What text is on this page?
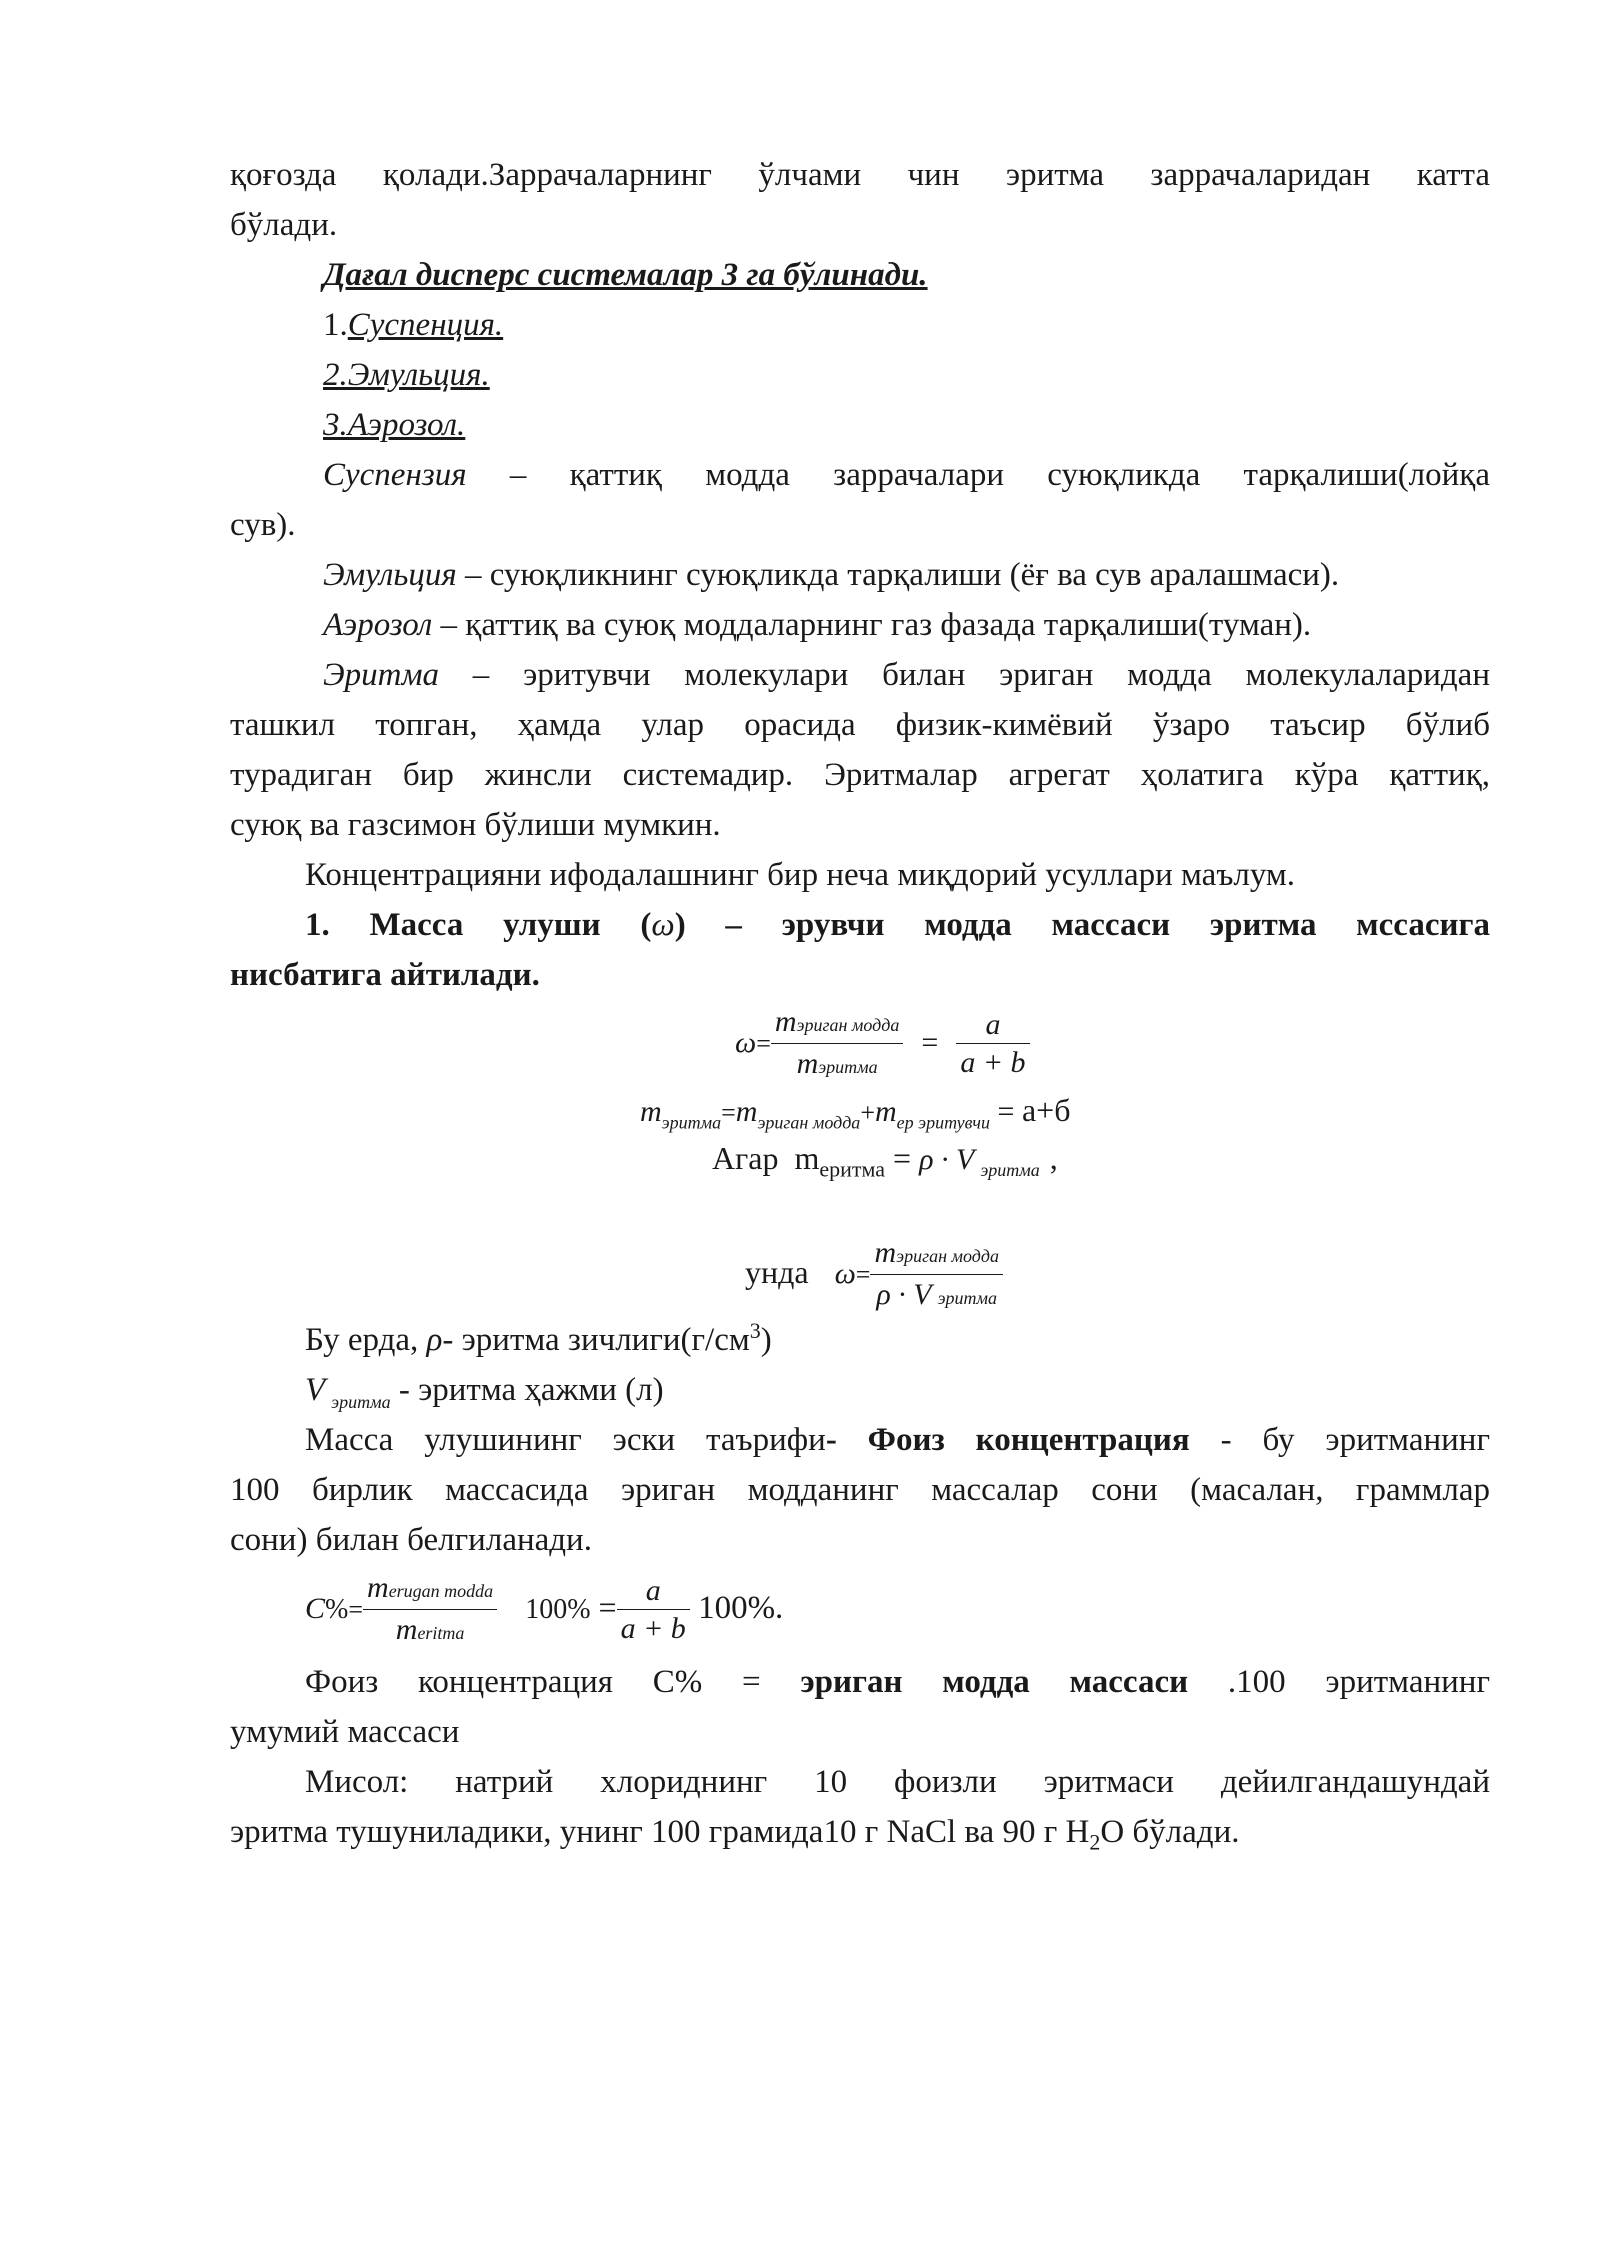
қоғозда қолади.Заррачаларнинг ўлчами чин эритма заррачаларидан катта
бўлади.
Дағал дисперс системалар 3 га бўлинади.
1.Суспенция.
2.Эмульция.
3.Аэрозол.
Суспензия – қаттиқ модда заррачалари суюқликда тарқалиши(лойқа
сув).
Эмульция – суюқликнинг суюқликда тарқалиши (ёғ ва сув аралашмаси).
Аэрозол – қаттиқ ва суюқ моддаларнинг газ фазада тарқалиши(туман).
Эритма – эритувчи молекулари билан эриган модда молекулаларидан
ташкил топган, ҳамда улар орасида физик-кимёвий ўзаро таъсир бўлиб
турадиган бир жинсли системадир. Эритмалар агрегат ҳолатига кўра қаттиқ,
суюқ ва газсимон бўлиши мумкин.
Концентрацияни ифодалашнинг бир неча миқдорий усуллари маълум.
1. Масса улуши (ω) – эрувчи модда массаси эритма мссасига
нисбатига айтилади.
$\omega= \frac{\text{mэриган модда}}{\text{mэритма}} = \frac{a}{a + b}$
$m_{эритма}=m_{эриган модда}+m_{ер эритувчи} = а+б$
Агар $m_{еритма} = \rho \cdot V$ $_{эритма}$ ,
унда $\omega= \frac{\text{mэриган модда}}{\text{ρ · V эритма}}$
Бу ерда, ρ- эритма $зичлиги(г/см^3)$
V $_{эритма}$ - эритма ҳажми (л)
Масса улушининг эски таърифи- Фоиз концентрация - бу эритманинг
100 бирлик массасида эриган модданинг массалар сони (масалан, граммлар
сони) билан белгиланади.
$C\%= \frac{\text{merugan modda}}{\text{meritma}} 100\% = \frac{a}{a + b} 100\%$.
Фоиз концентрация С% = эриган модда массаси .100 эритманинг
умумий массаси
Мисол: натрий хлориднинг 10 фоизли эритмаси дейилгандашундай
эритма тушуниладики, унинг 100 грамида10 г NaCl ва 90 г $H_2O$ бўлади.
